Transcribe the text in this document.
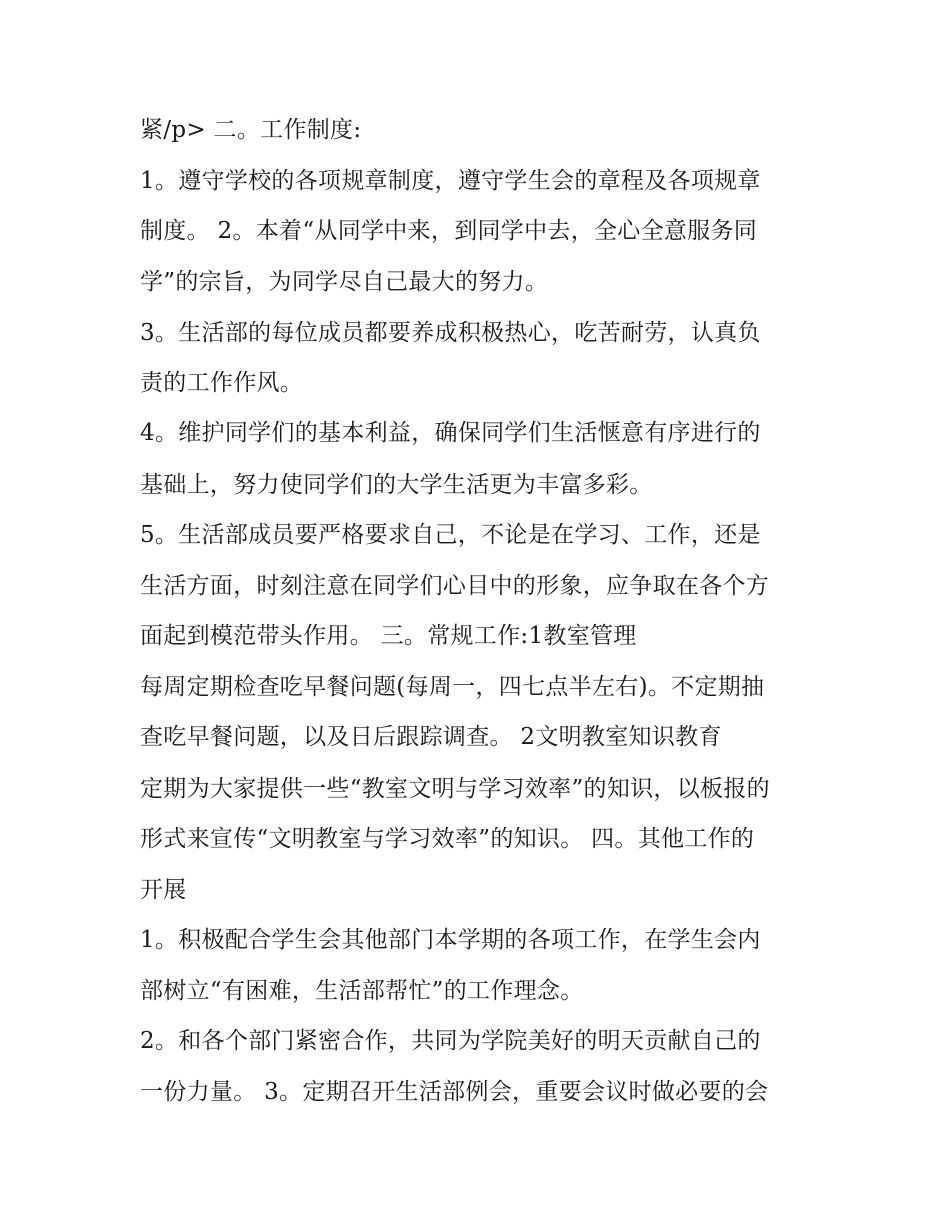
紧/p> 二。工作制度:
1。遵守学校的各项规章制度，遵守学生会的章程及各项规章
制度。 2。本着“从同学中来，到同学中去，全心全意服务同
学”的宗旨，为同学尽自己最大的努力。
3。生活部的每位成员都要养成积极热心，吃苦耐劳，认真负
责的工作作风。
4。维护同学们的基本利益，确保同学们生活惬意有序进行的
基础上，努力使同学们的大学生活更为丰富多彩。
5。生活部成员要严格要求自己，不论是在学习、工作，还是
生活方面，时刻注意在同学们心目中的形象，应争取在各个方
面起到模范带头作用。 三。常规工作:1教室管理
每周定期检查吃早餐问题(每周一，四七点半左右)。不定期抽
查吃早餐问题，以及日后跟踪调查。 2文明教室知识教育
定期为大家提供一些“教室文明与学习效率”的知识，以板报的
形式来宣传“文明教室与学习效率”的知识。 四。其他工作的
开展
1。积极配合学生会其他部门本学期的各项工作，在学生会内
部树立“有困难，生活部帮忙”的工作理念。
2。和各个部门紧密合作，共同为学院美好的明天贡献自己的
一份力量。 3。定期召开生活部例会，重要会议时做必要的会
